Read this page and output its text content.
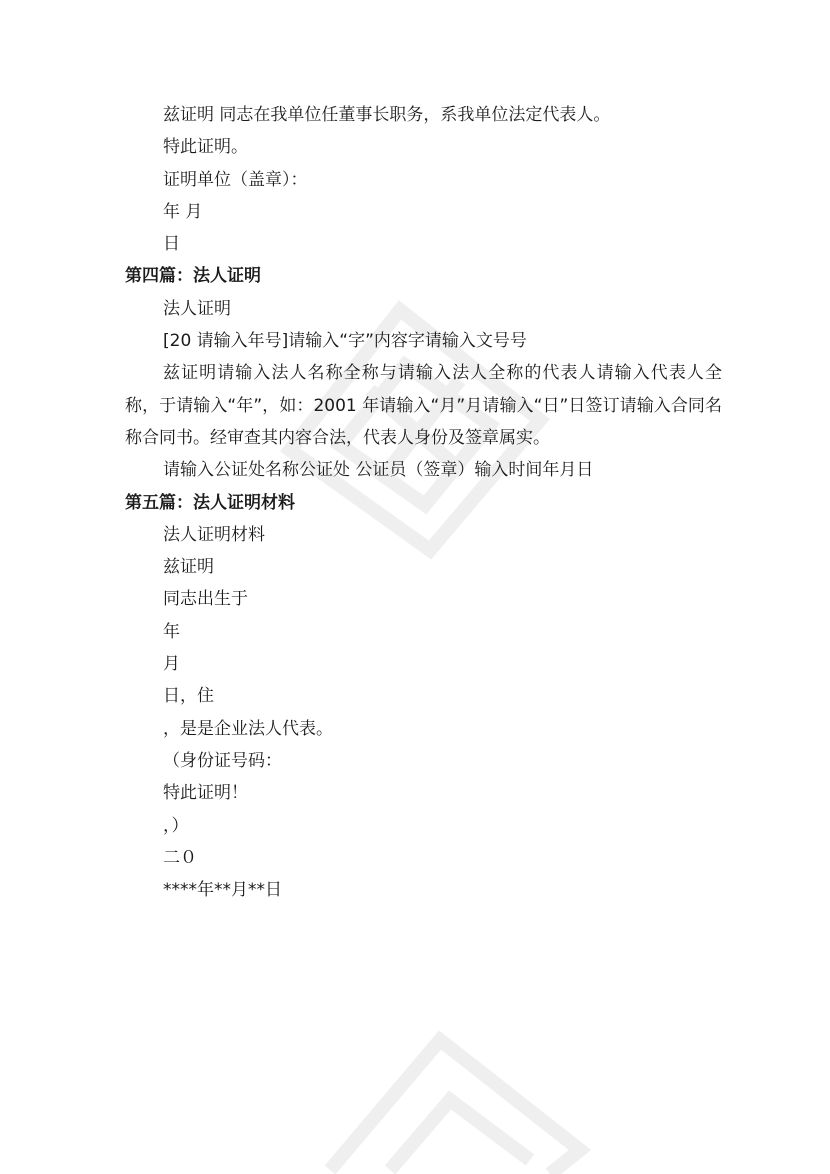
兹证明 同志在我单位任董事长职务，系我单位法定代表人。
特此证明。
证明单位（盖章）：
年 月
日
第四篇：法人证明
法人证明
[20 请输入年号]请输入“字”内容字请输入文号号
兹证明请输入法人名称全称与请输入法人全称的代表人请输入代表人全称，于请输入“年”，如：2001 年请输入“月”月请输入“日”日签订请输入合同名称合同书。经审查其内容合法，代表人身份及签章属实。
请输入公证处名称公证处 公证员（签章）输入时间年月日
第五篇：法人证明材料
法人证明材料
兹证明
同志出生于
年
月
日，住
，是是企业法人代表。
（身份证号码：
特此证明！
，）
二０
****年**月**日
